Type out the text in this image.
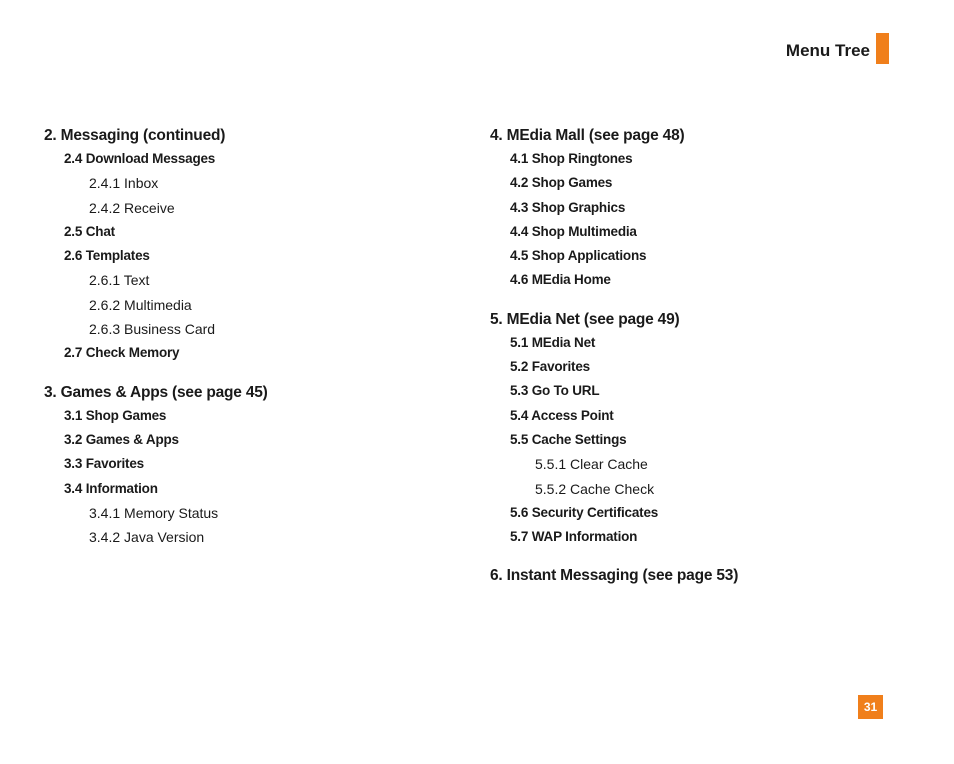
Menu Tree
2. Messaging (continued)
2.4 Download Messages
2.4.1 Inbox
2.4.2 Receive
2.5 Chat
2.6 Templates
2.6.1 Text
2.6.2 Multimedia
2.6.3 Business Card
2.7 Check Memory
3. Games & Apps (see page 45)
3.1 Shop Games
3.2 Games & Apps
3.3 Favorites
3.4 Information
3.4.1 Memory Status
3.4.2 Java Version
4. MEdia Mall (see page 48)
4.1 Shop Ringtones
4.2 Shop Games
4.3 Shop Graphics
4.4 Shop Multimedia
4.5 Shop Applications
4.6 MEdia Home
5. MEdia Net (see page 49)
5.1 MEdia Net
5.2 Favorites
5.3 Go To URL
5.4 Access Point
5.5 Cache Settings
5.5.1 Clear Cache
5.5.2 Cache Check
5.6 Security Certificates
5.7 WAP Information
6. Instant Messaging (see page 53)
31
